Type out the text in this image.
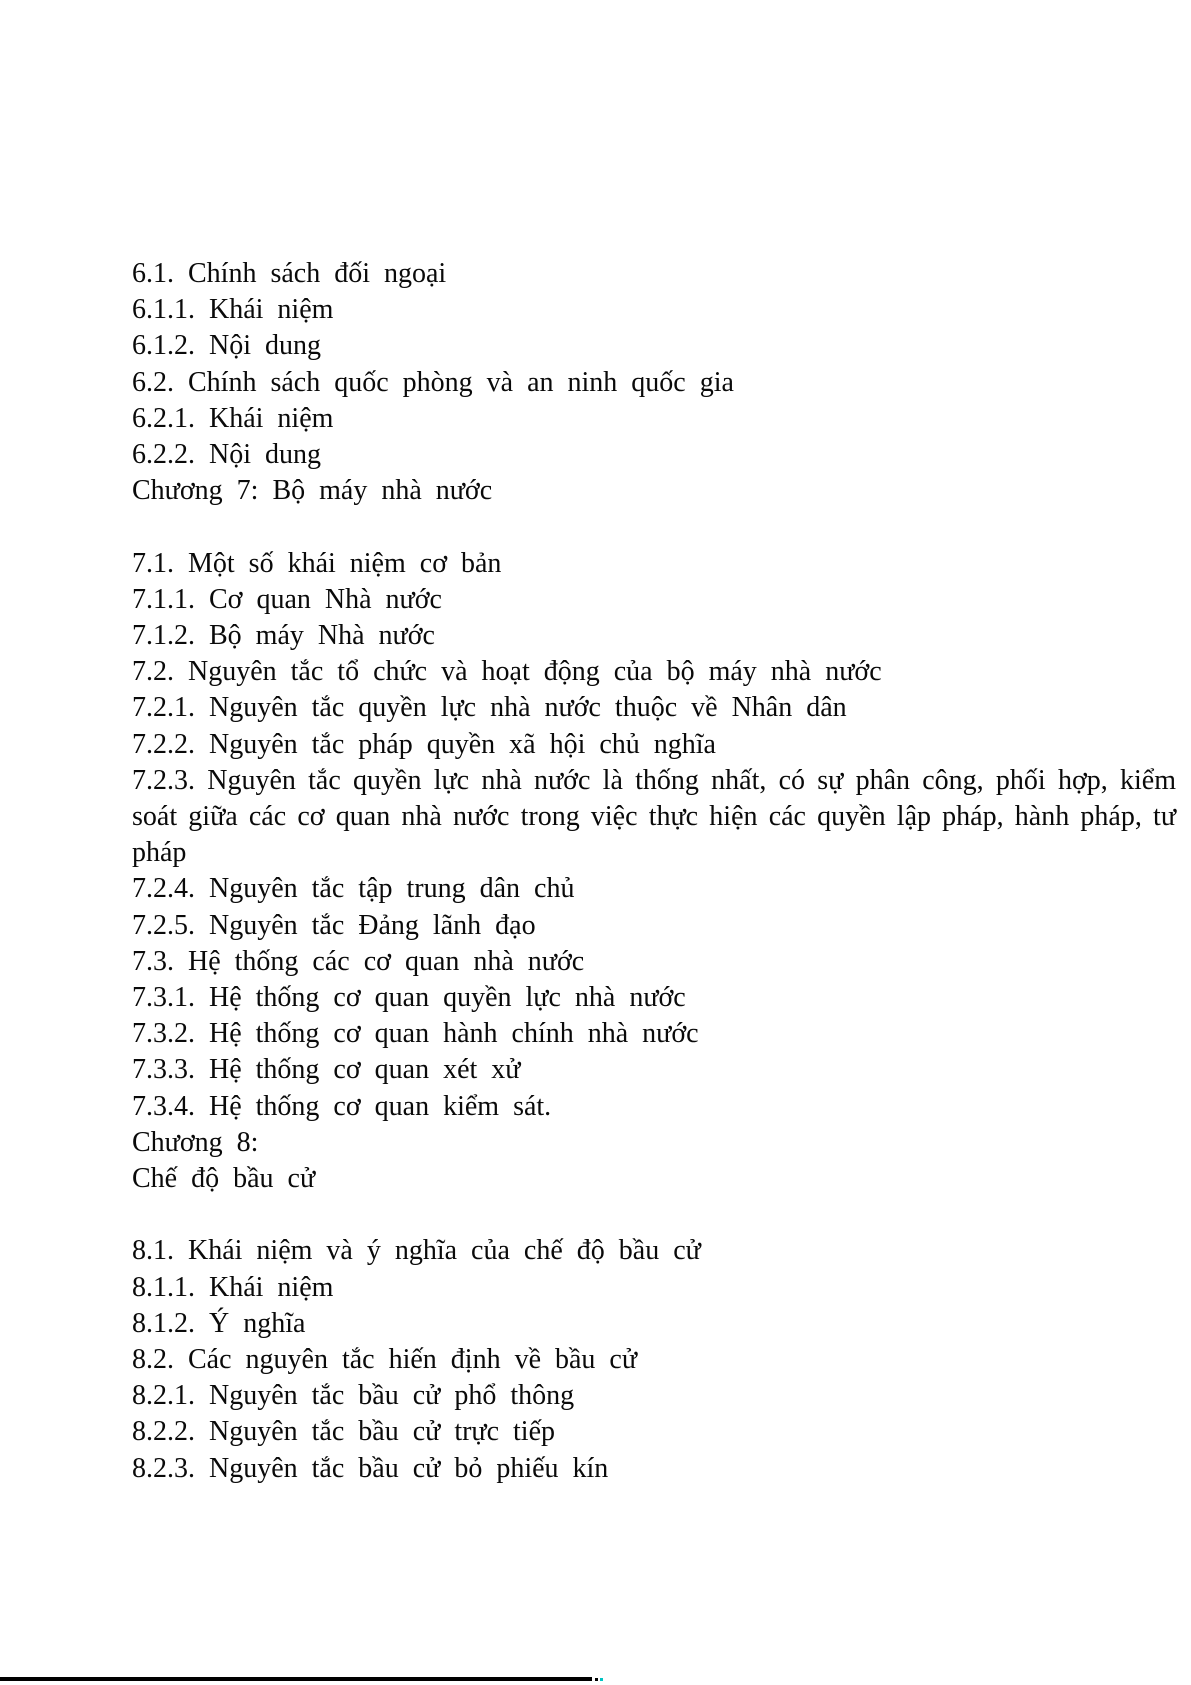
6.1. Chính sách đối ngoại
6.1.1. Khái niệm
6.1.2. Nội dung
6.2. Chính sách quốc phòng và an ninh quốc gia
6.2.1. Khái niệm
6.2.2. Nội dung
Chương 7: Bộ máy nhà nước
7.1. Một số khái niệm cơ bản
7.1.1. Cơ quan Nhà nước
7.1.2. Bộ máy Nhà nước
7.2. Nguyên tắc tổ chức và hoạt động của bộ máy nhà nước
7.2.1. Nguyên tắc quyền lực nhà nước thuộc về Nhân dân
7.2.2. Nguyên tắc pháp quyền xã hội chủ nghĩa
7.2.3. Nguyên tắc quyền lực nhà nước là thống nhất, có sự phân công, phối hợp, kiểm
soát giữa các cơ quan nhà nước trong việc thực hiện các quyền lập pháp, hành pháp, tư
pháp
7.2.4. Nguyên tắc tập trung dân chủ
7.2.5. Nguyên tắc Đảng lãnh đạo
7.3. Hệ thống các cơ quan nhà nước
7.3.1. Hệ thống cơ quan quyền lực nhà nước
7.3.2. Hệ thống cơ quan hành chính nhà nước
7.3.3. Hệ thống cơ quan xét xử
7.3.4. Hệ thống cơ quan kiểm sát.
Chương 8:
Chế độ bầu cử
8.1. Khái niệm và ý nghĩa của chế độ bầu cử
8.1.1. Khái niệm
8.1.2. Ý nghĩa
8.2. Các nguyên tắc hiến định về bầu cử
8.2.1. Nguyên tắc bầu cử phổ thông
8.2.2. Nguyên tắc bầu cử trực tiếp
8.2.3. Nguyên tắc bầu cử bỏ phiếu kín
